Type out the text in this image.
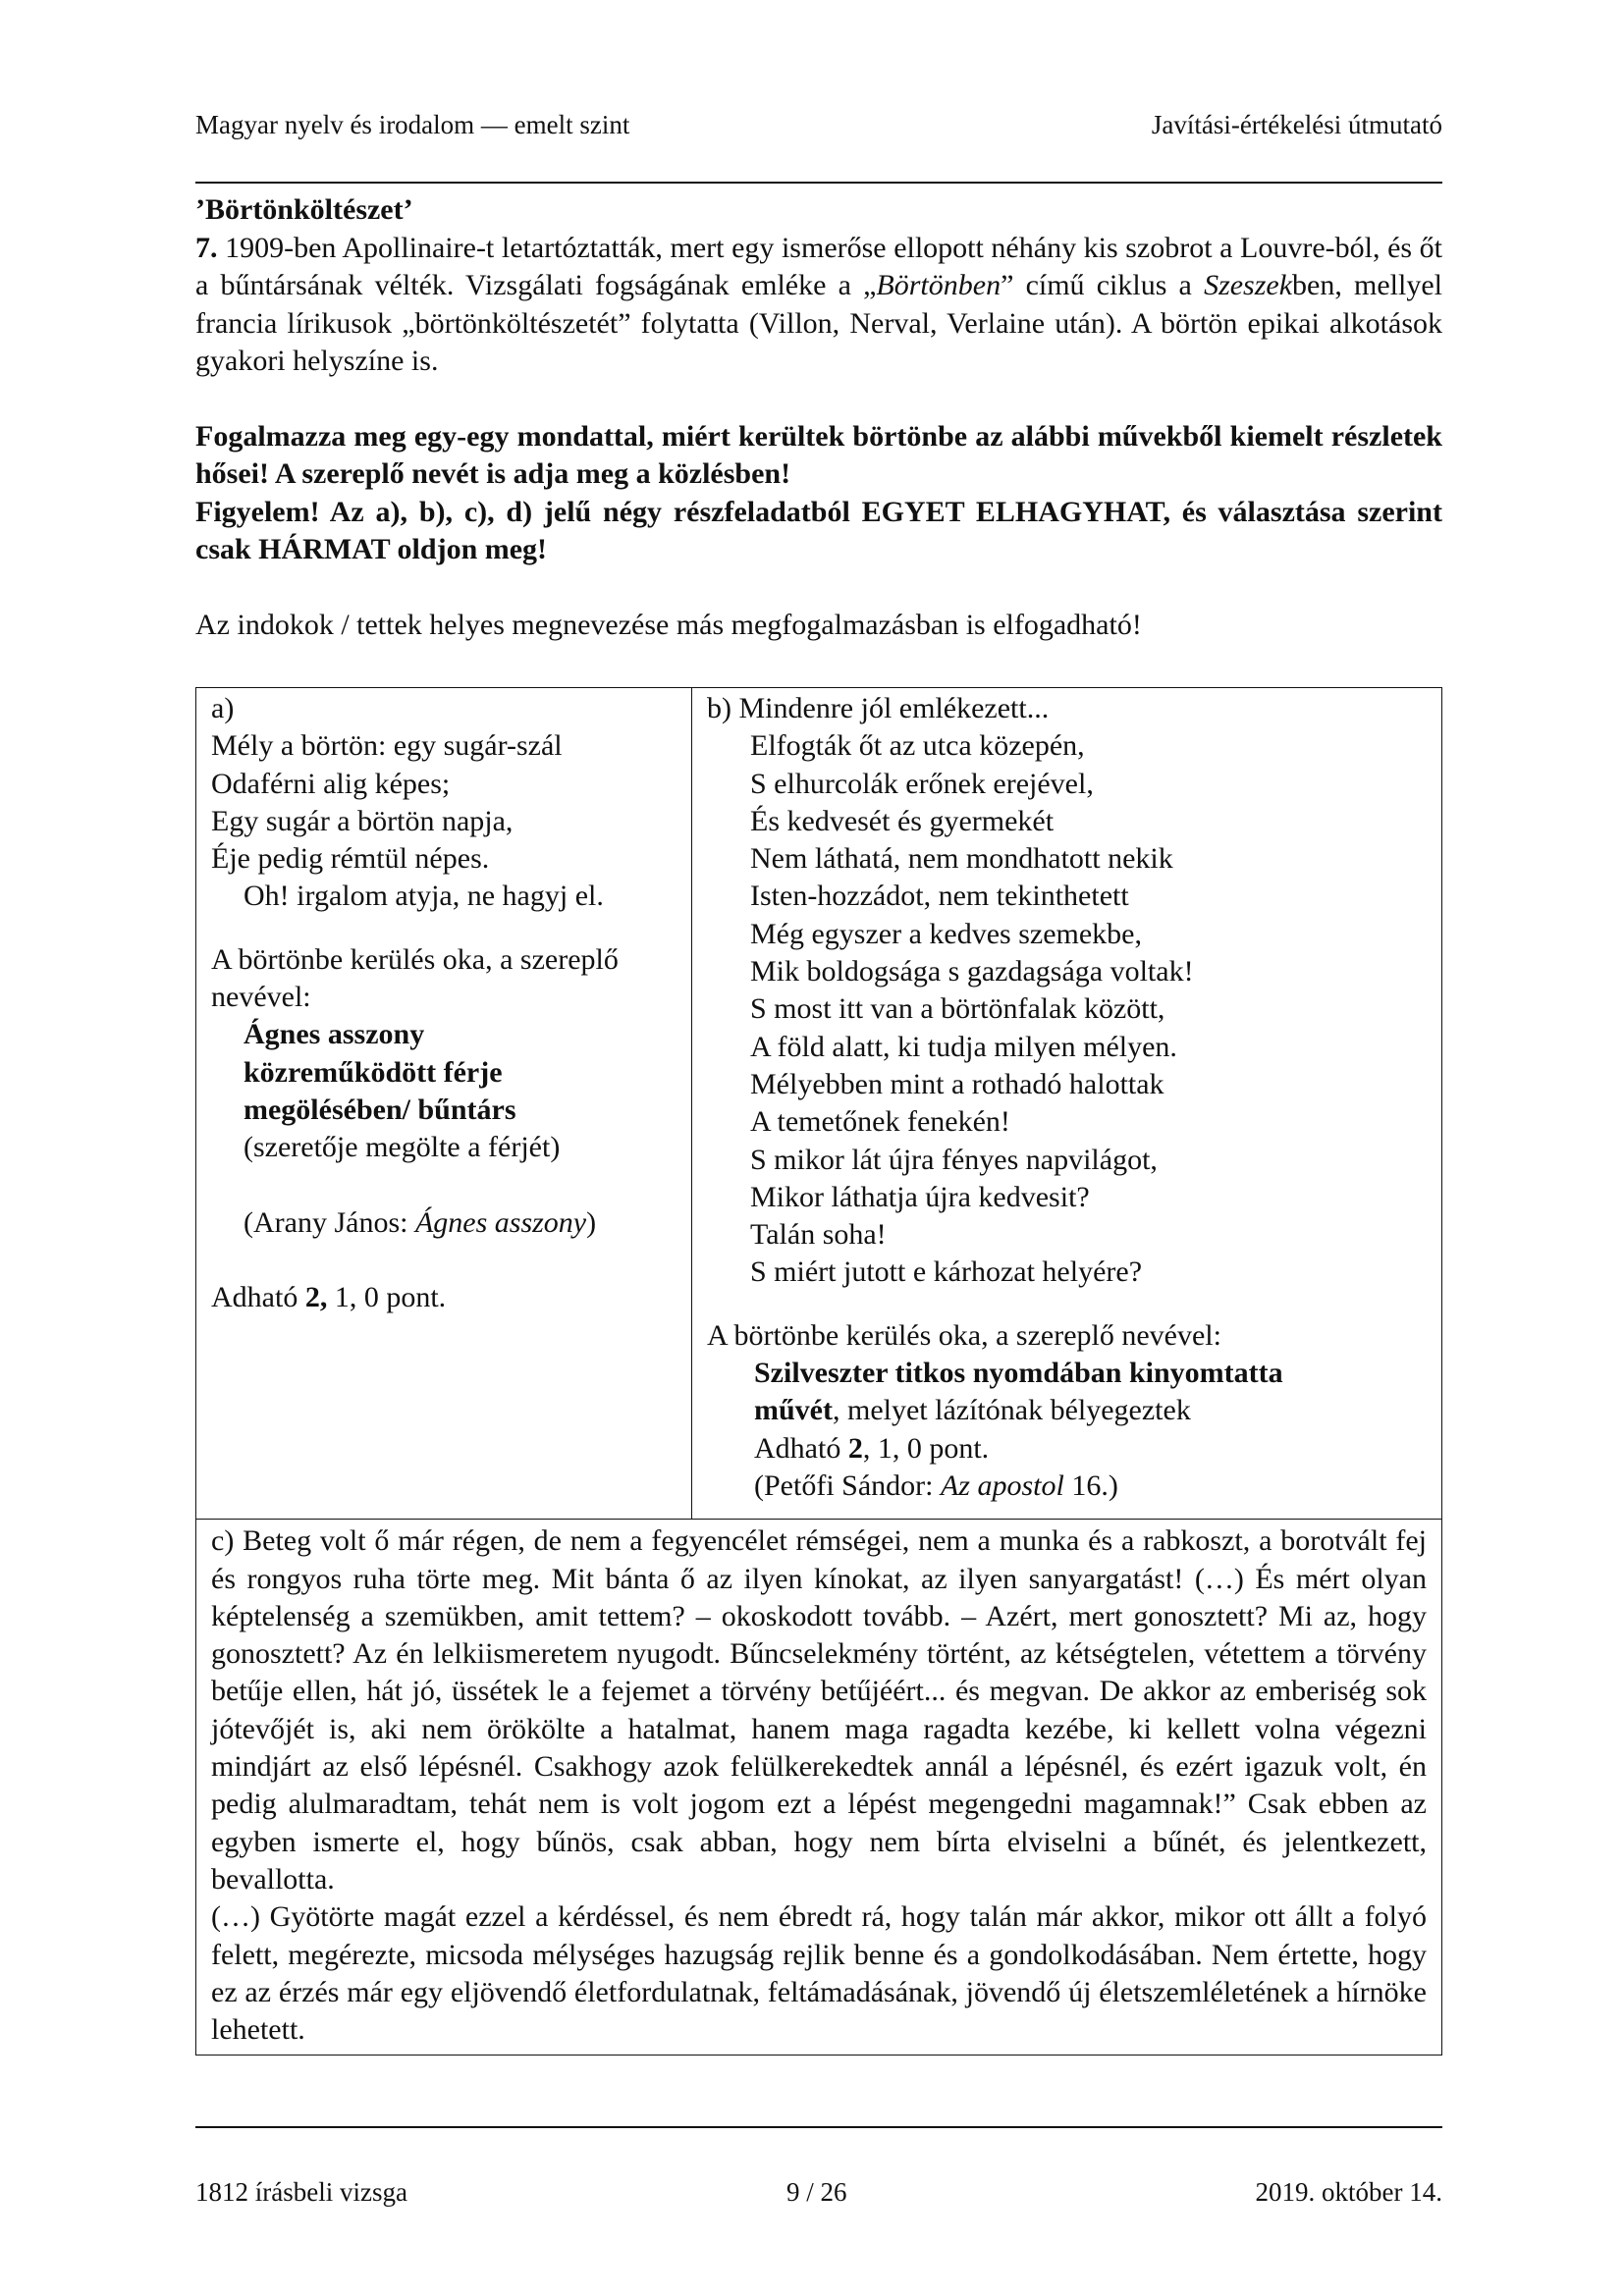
Magyar nyelv és irodalom — emelt szint	Javítási-értékelési útmutató

’Börtönköltészet’

7. 1909-ben Apollinaire-t letartóztatták, mert egy ismerőse ellopott néhány kis szobrot a Louvre-ból, és őt a bűntársának vélték. Vizsgálati fogságának emléke a „Börtönben” című ciklus a Szeszekben, mellyel francia lírikusok „börtönköltészetét” folytatta (Villon, Nerval, Verlaine után). A börtön epikai alkotások gyakori helyszíne is.

Fogalmazza meg egy-egy mondattal, miért kerültek börtönbe az alábbi művekből kiemelt részletek hősei! A szereplő nevét is adja meg a közlésben!

Figyelem! Az a), b), c), d) jelű négy részfeladatból EGYET ELHAGYHAT, és választása szerint csak HÁRMAT oldjon meg!

Az indokok / tettek helyes megnevezése más megfogalmazásban is elfogadható!

a)
Mély a börtön: egy sugár-szál
Odaférni alig képes;
Egy sugár a börtön napja,
Éje pedig rémtül népes.
Oh! irgalom atyja, ne hagyj el.
A börtönbe kerülés oka, a szereplő
nevével:
Ágnes asszony
közreműködött férje
megölésében/ bűntárs
(szeretője megölte a férjét)
(Arany János: Ágnes asszony)
Adható 2, 1, 0 pont.

b) Mindenre jól emlékezett...
Elfogták őt az utca közepén,
S elhurcolák erőnek erejével,
És kedvesét és gyermekét
Nem láthatá, nem mondhatott nekik
Isten-hozzádot, nem tekinthetett
Még egyszer a kedves szemekbe,
Mik boldogsága s gazdagsága voltak!
S most itt van a börtönfalak között,
A föld alatt, ki tudja milyen mélyen.
Mélyebben mint a rothadó halottak
A temetőnek fenekén!
S mikor lát újra fényes napvilágot,
Mikor láthatja újra kedvesit?
Talán soha!
S miért jutott e kárhozat helyére?
A börtönbe kerülés oka, a szereplő nevével:
Szilveszter titkos nyomdában kinyomtatta
művét, melyet lázítónak bélyegeztek
Adható 2, 1, 0 pont.
(Petőfi Sándor: Az apostol 16.)

c) Beteg volt ő már régen, de nem a fegyencélet rémségei, nem a munka és a rabkoszt, a borotvált fej és rongyos ruha törte meg. Mit bánta ő az ilyen kínokat, az ilyen sanyargatást! (…) És mért olyan képtelenség a szemükben, amit tettem? ‒ okoskodott tovább. ‒ Azért, mert gonosztett? Mi az, hogy gonosztett? Az én lelkiismeretem nyugodt. Bűncselekmény történt, az kétségtelen, vétettem a törvény betűje ellen, hát jó, üssétek le a fejemet a törvény betűjéért... és megvan. De akkor az emberiség sok jótevőjét is, aki nem örökölte a hatalmat, hanem maga ragadta kezébe, ki kellett volna végezni mindjárt az első lépésnél. Csakhogy azok felülkerekedtek annál a lépésnél, és ezért igazuk volt, én pedig alulmaradtam, tehát nem is volt jogom ezt a lépést megengedni magamnak!” Csak ebben az egyben ismerte el, hogy bűnös, csak abban, hogy nem bírta elviselni a bűnét, és jelentkezett, bevallotta.

(…) Gyötörte magát ezzel a kérdéssel, és nem ébredt rá, hogy talán már akkor, mikor ott állt a folyó felett, megérezte, micsoda mélységes hazugság rejlik benne és a gondolkodásában. Nem értette, hogy ez az érzés már egy eljövendő életfordulatnak, feltámadásának, jövendő új életszemléletének a hírnöke lehetett.

1812 írásbeli vizsga	9 / 26	2019. október 14.
